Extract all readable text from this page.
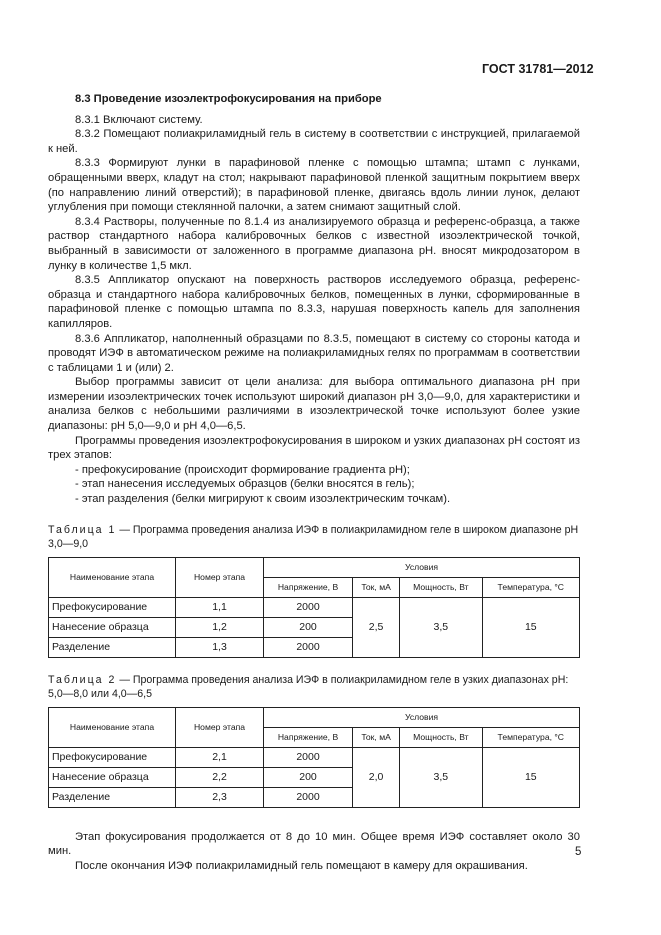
ГОСТ 31781—2012
8.3 Проведение изоэлектрофокусирования на приборе

8.3.1 Включают систему.

8.3.2 Помещают полиакриламидный гель в систему в соответствии с инструкцией, прилагаемой к ней.

8.3.3 Формируют лунки в парафиновой пленке с помощью штампа; штамп с лунками, обращенными вверх, кладут на стол; накрывают парафиновой пленкой защитным покрытием вверх (по направлению линий отверстий); в парафиновой пленке, двигаясь вдоль линии лунок, делают углубления при помощи стеклянной палочки, а затем снимают защитный слой.

8.3.4 Растворы, полученные по 8.1.4 из анализируемого образца и референс-образца, а также раствор стандартного набора калибровочных белков с известной изоэлектрической точкой, выбранный в зависимости от заложенного в программе диапазона pH. вносят микродозатором в лунку в количестве 1,5 мкл.

8.3.5 Аппликатор опускают на поверхность растворов исследуемого образца, референс-образца и стандартного набора калибровочных белков, помещенных в лунки, сформированные в парафиновой пленке с помощью штампа по 8.3.3, нарушая поверхность капель для заполнения капилляров.

8.3.6 Аппликатор, наполненный образцами по 8.3.5, помещают в систему со стороны катода и проводят ИЭФ в автоматическом режиме на полиакриламидных гелях по программам в соответствии с таблицами 1 и (или) 2.

Выбор программы зависит от цели анализа: для выбора оптимального диапазона pH при измерении изоэлектрических точек используют широкий диапазон pH 3,0—9,0, для характеристики и анализа белков с небольшими различиями в изоэлектрической точке используют более узкие диапазоны: pH 5,0—9,0 и pH 4,0—6,5.

Программы проведения изоэлектрофокусирования в широком и узких диапазонах pH состоят из трех этапов:

- префокусирование (происходит формирование градиента pH);
- этап нанесения исследуемых образцов (белки вносятся в гель);
- этап разделения (белки мигрируют к своим изоэлектрическим точкам).

Таблица 1 — Программа проведения анализа ИЭФ в полиакриламидном геле в широком диапазоне pH 3,0—9,0

Наименование этапа	Номер этапа	Условия			
		Напряжение, В	Ток, мА	Мощность, Вт	Температура, °С
Префокусирование	1,1	2000	2,5	3,5	15
Нанесение образца	1,2	200			
Разделение	1,3	2000			

Таблица 2 — Программа проведения анализа ИЭФ в полиакриламидном геле в узких диапазонах pH: 5,0—8,0 или 4,0—6,5

Наименование этапа	Номер этапа	Условия			
		Напряжение, В	Ток, мА	Мощность, Вт	Температура, °С
Префокусирование	2,1	2000	2,0	3,5	15
Нанесение образца	2,2	200			
Разделение	2,3	2000			

Этап фокусирования продолжается от 8 до 10 мин. Общее время ИЭФ составляет около 30 мин.

После окончания ИЭФ полиакриламидный гель помещают в камеру для окрашивания.

5
